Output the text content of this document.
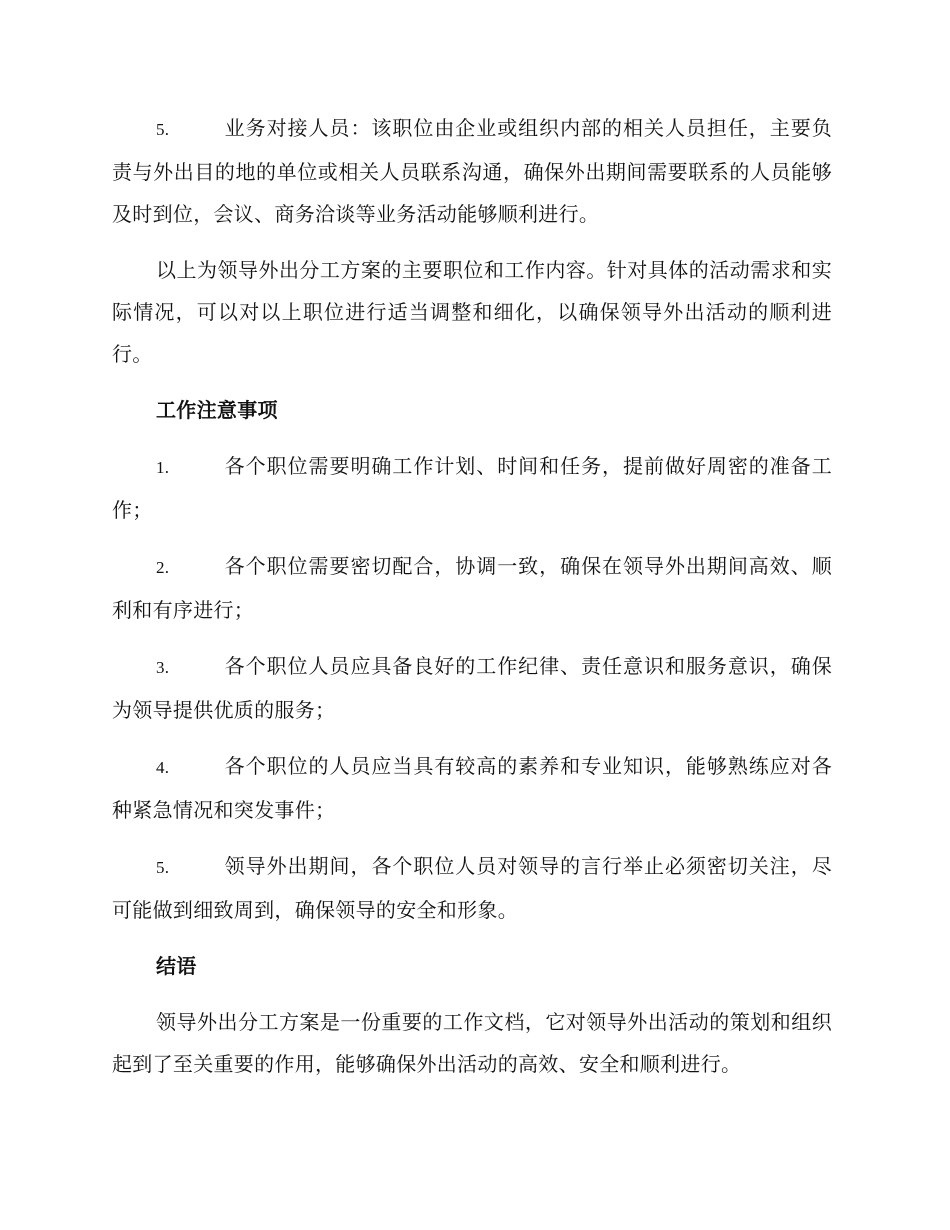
5.	业务对接人员：该职位由企业或组织内部的相关人员担任，主要负责与外出目的地的单位或相关人员联系沟通，确保外出期间需要联系的人员能够及时到位，会议、商务洽谈等业务活动能够顺利进行。

以上为领导外出分工方案的主要职位和工作内容。针对具体的活动需求和实际情况，可以对以上职位进行适当调整和细化，以确保领导外出活动的顺利进行。

工作注意事项

1.	各个职位需要明确工作计划、时间和任务，提前做好周密的准备工作；

2.	各个职位需要密切配合，协调一致，确保在领导外出期间高效、顺利和有序进行；

3.	各个职位人员应具备良好的工作纪律、责任意识和服务意识，确保为领导提供优质的服务；

4.	各个职位的人员应当具有较高的素养和专业知识，能够熟练应对各种紧急情况和突发事件；

5.	领导外出期间，各个职位人员对领导的言行举止必须密切关注，尽可能做到细致周到，确保领导的安全和形象。

结语

领导外出分工方案是一份重要的工作文档，它对领导外出活动的策划和组织起到了至关重要的作用，能够确保外出活动的高效、安全和顺利进行。
